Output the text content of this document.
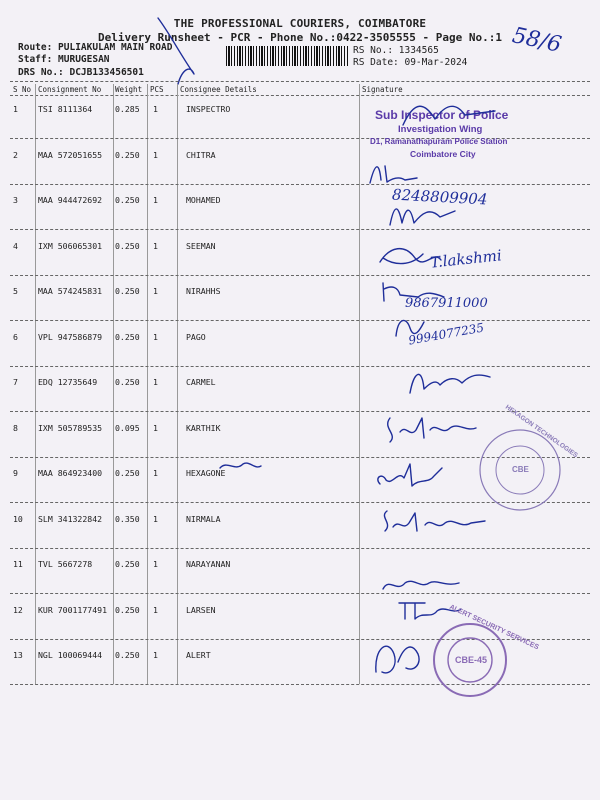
THE PROFESSIONAL COURIERS, COIMBATORE
Delivery Runsheet - PCR - Phone No.:0422-3505555 - Page No.:1
Route: PULIAKULAM MAIN ROAD
Staff: MURUGESAN
DRS No.: DCJB133456501
RS No.: 1334565
RS Date: 09-Mar-2024
58/6
S No Consignment No Weight PCS Consignee Details	Signature
1 TSI 8111364	0.285 1	INSPECTRO
2 MAA 572051655 0.250 1	CHITRA
3 MAA 944472692 0.250 1	MOHAMED
4 IXM 506065301 0.250 1	SEEMAN
5 MAA 574245831 0.250 1	NIRAHHS
6 VPL 947586879 0.250 1	PAGO
7 EDQ 12735649 0.250 1	CARMEL
8 IXM 505789535 0.095 1	KARTHIK
9 MAA 864923400 0.250 1	HEXAGONE
10 SLM 341322842 0.350 1	NIRMALA
11 TVL 5667278	0.250 1	NARAYANAN
12 KUR 7001177491 0.250 1	LARSEN
13 NGL 100069444 0.250 1	ALERT
Sub Inspector of Police
Investigation Wing
D1, Ramanathapuram Police Station
Coimbatore City
8248809904
T.lakshmi
9867911000
9994077235
HEXAGON TECHNOLOGIES
CBE
ALERT SECURITY SERVICES
CBE-45
